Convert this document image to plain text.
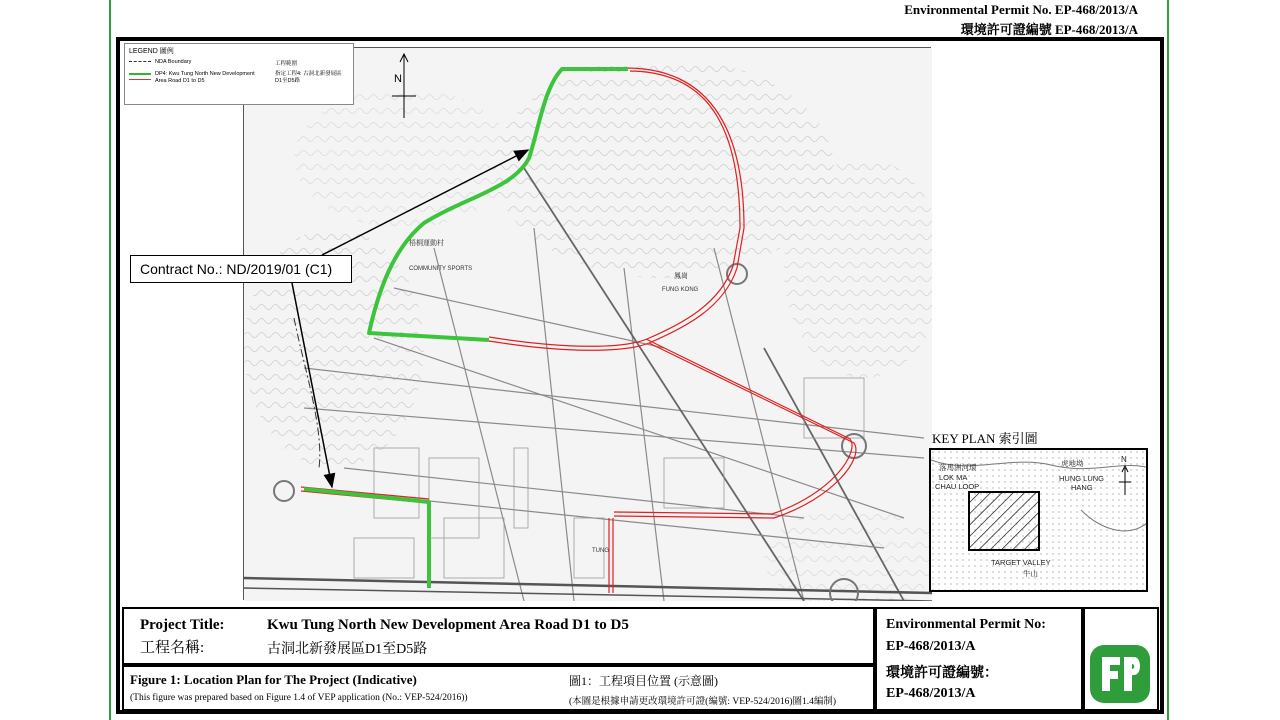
Environmental Permit No. EP-468/2013/A
環境許可證編號 EP-468/2013/A
N
梧桐運動村
COMMUNITY SPORTS
鳳崗
FUNG KONG
TUNG
LEGEND 圖例
NDA Boundary	工程範圍
DP4: Kwu Tung North New Development Area Road D1 to D5
指定工程4: 古洞北新發展區 D1至D5路
Contract No.: ND/2019/01 (C1)
KEY PLAN 索引圖
落馬洲河環
LOK MA
CHAU LOOP
HUNG LUNG
HANG
TARGET VALLEY
牛山
虎地坳	N
Project Title:
工程名稱:
Kwu Tung North New Development Area Road D1 to D5
古洞北新發展區D1至D5路
Figure 1: Location Plan for The Project (Indicative)
(This figure was prepared based on Figure 1.4 of VEP application (No.: VEP-524/2016))
圖1：工程項目位置 (示意圖)
(本圖是根據申請更改環境許可證(編號: VEP-524/2016)圖1.4編制)
Environmental Permit No:
EP-468/2013/A
環境許可證編號：
EP-468/2013/A
